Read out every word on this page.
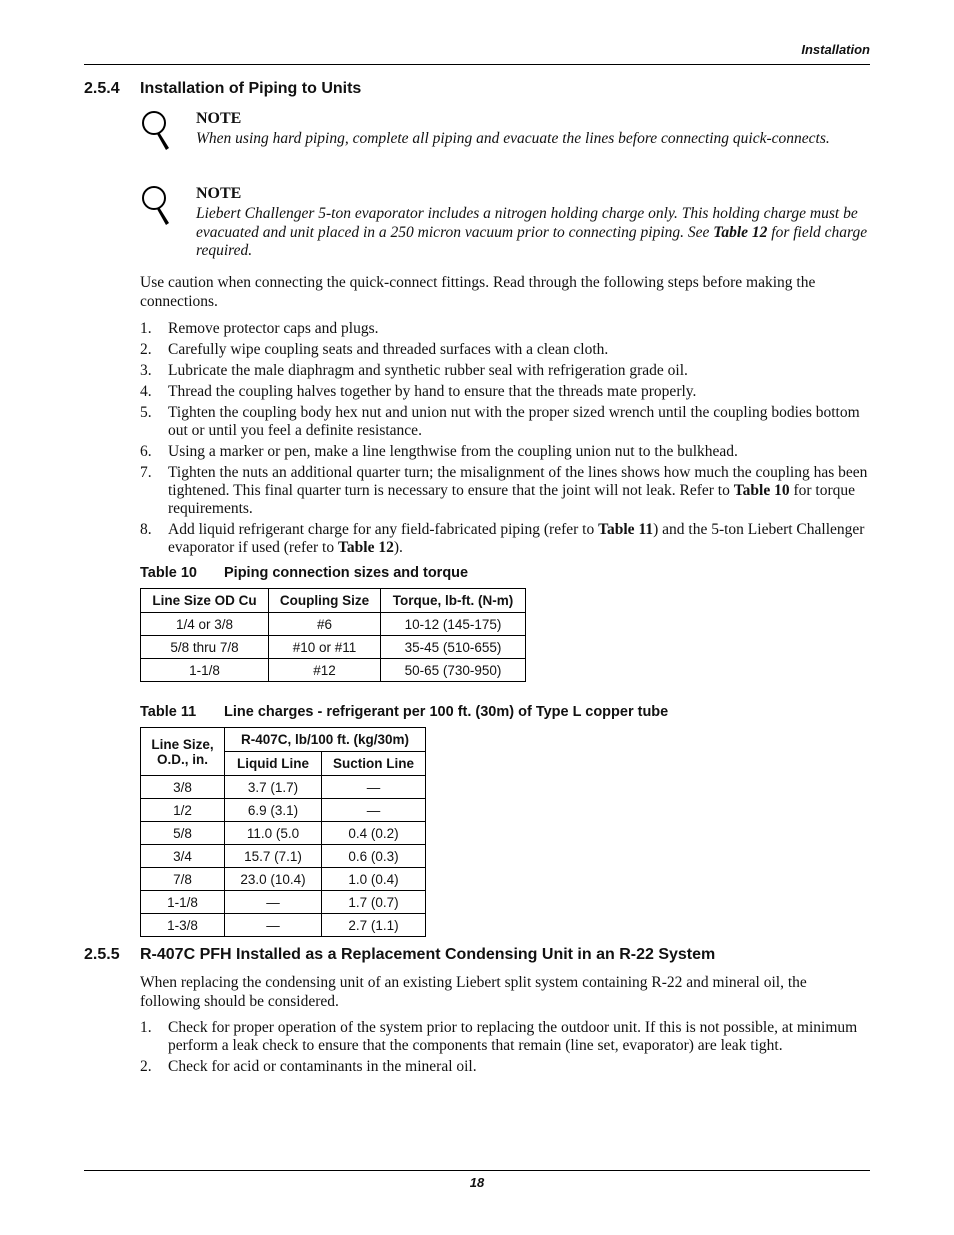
Installation
2.5.4 Installation of Piping to Units
NOTE
When using hard piping, complete all piping and evacuate the lines before connecting quick-connects.
NOTE
Liebert Challenger 5-ton evaporator includes a nitrogen holding charge only. This holding charge must be evacuated and unit placed in a 250 micron vacuum prior to connecting piping. See Table 12 for field charge required.
Use caution when connecting the quick-connect fittings. Read through the following steps before making the connections.
1. Remove protector caps and plugs.
2. Carefully wipe coupling seats and threaded surfaces with a clean cloth.
3. Lubricate the male diaphragm and synthetic rubber seal with refrigeration grade oil.
4. Thread the coupling halves together by hand to ensure that the threads mate properly.
5. Tighten the coupling body hex nut and union nut with the proper sized wrench until the coupling bodies bottom out or until you feel a definite resistance.
6. Using a marker or pen, make a line lengthwise from the coupling union nut to the bulkhead.
7. Tighten the nuts an additional quarter turn; the misalignment of the lines shows how much the coupling has been tightened. This final quarter turn is necessary to ensure that the joint will not leak. Refer to Table 10 for torque requirements.
8. Add liquid refrigerant charge for any field-fabricated piping (refer to Table 11) and the 5-ton Liebert Challenger evaporator if used (refer to Table 12).
Table 10 Piping connection sizes and torque
Line Size OD Cu	Coupling Size	Torque, lb-ft. (N-m)
1/4 or 3/8	#6	10-12 (145-175)
5/8 thru 7/8	#10 or #11	35-45 (510-655)
1-1/8	#12	50-65 (730-950)
Table 11 Line charges - refrigerant per 100 ft. (30m) of Type L copper tube
Line Size, O.D., in.	R-407C, lb/100 ft. (kg/30m)	
	Liquid Line	Suction Line
3/8	3.7 (1.7)	—
1/2	6.9 (3.1)	—
5/8	11.0 (5.0	0.4 (0.2)
3/4	15.7 (7.1)	0.6 (0.3)
7/8	23.0 (10.4)	1.0 (0.4)
1-1/8	—	1.7 (0.7)
1-3/8	—	2.7 (1.1)
2.5.5 R-407C PFH Installed as a Replacement Condensing Unit in an R-22 System
When replacing the condensing unit of an existing Liebert split system containing R-22 and mineral oil, the following should be considered.
1. Check for proper operation of the system prior to replacing the outdoor unit. If this is not possible, at minimum perform a leak check to ensure that the components that remain (line set, evaporator) are leak tight.
2. Check for acid or contaminants in the mineral oil.
18
